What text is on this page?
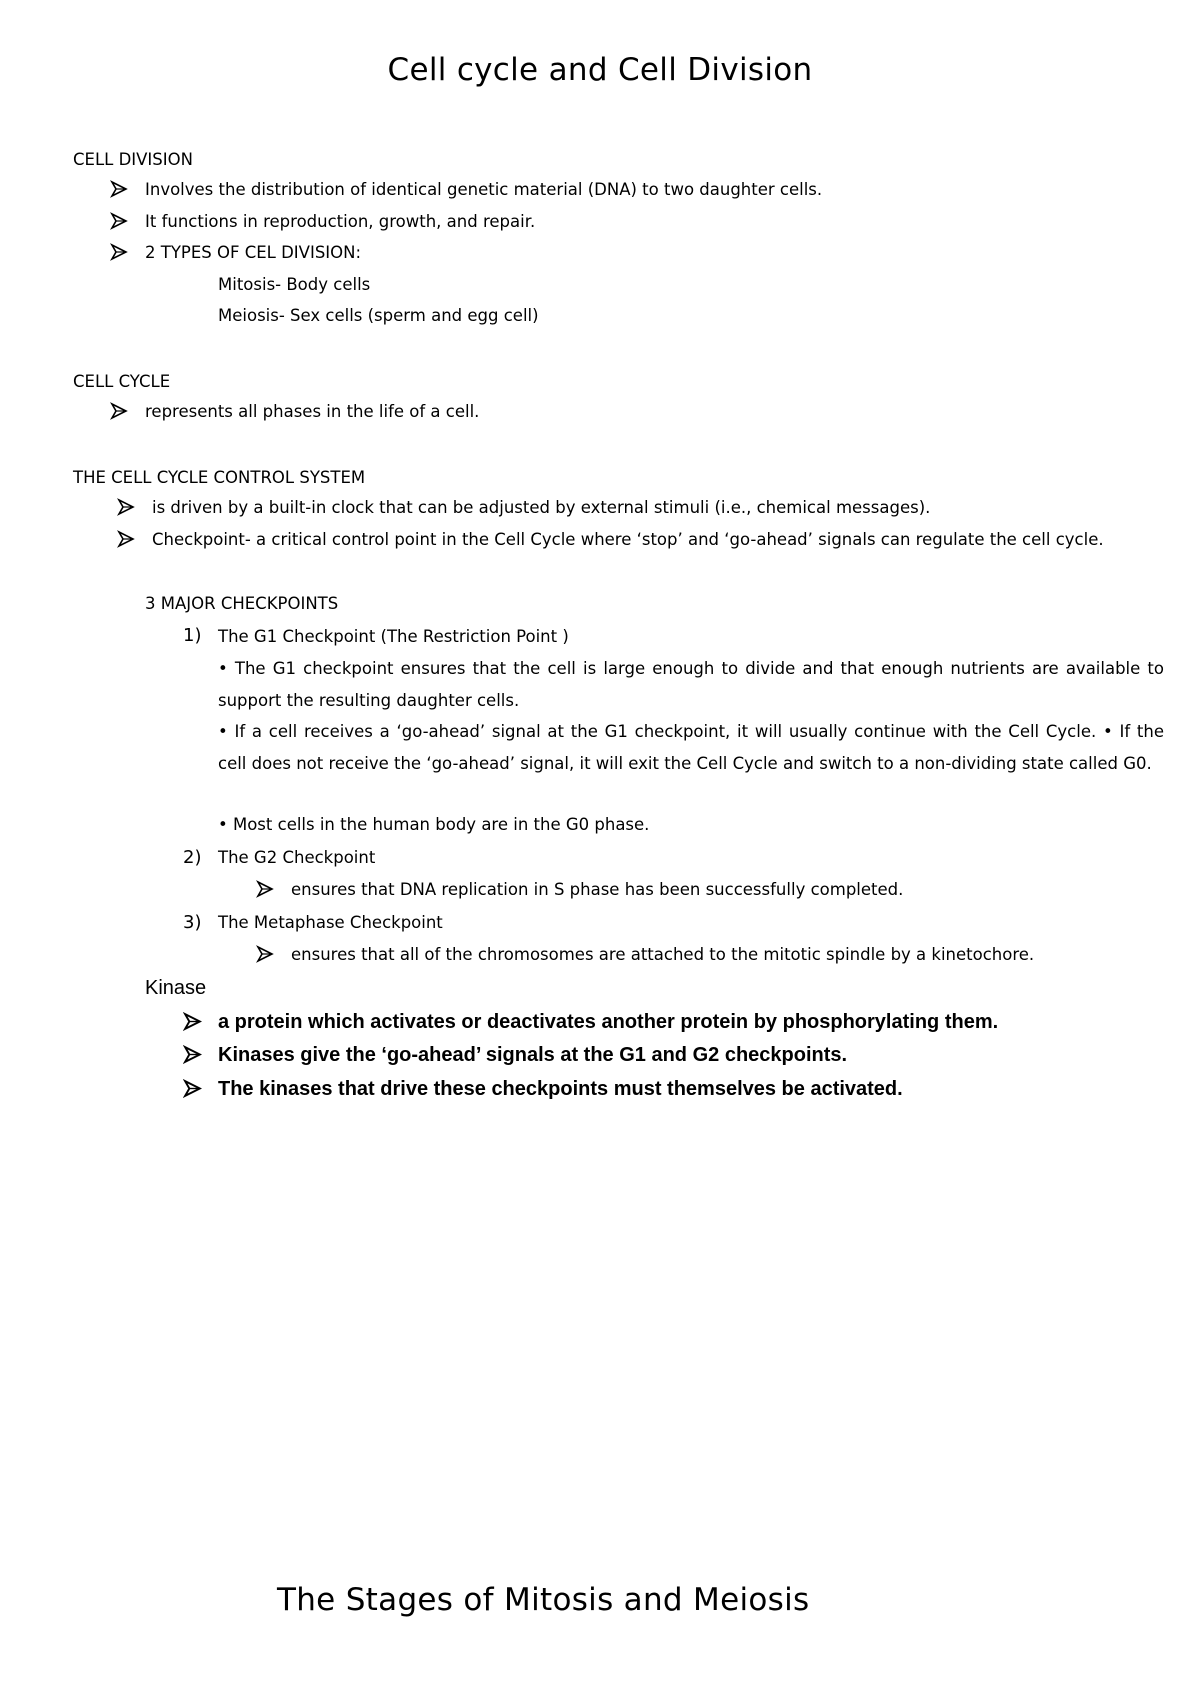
Cell cycle and Cell Division
CELL DIVISION
Involves the distribution of identical genetic material (DNA) to two daughter cells.
It functions in reproduction, growth, and repair.
2 TYPES OF CEL DIVISION:
Mitosis- Body cells
Meiosis- Sex cells (sperm and egg cell)
CELL CYCLE
represents all phases in the life of a cell.
THE CELL CYCLE CONTROL SYSTEM
is driven by a built-in clock that can be adjusted by external stimuli (i.e., chemical messages).
Checkpoint- a critical control point in the Cell Cycle where ‘stop’ and ‘go-ahead’ signals can regulate the cell cycle.
3 MAJOR CHECKPOINTS
1) The G1 Checkpoint (The Restriction Point )
• The G1 checkpoint ensures that the cell is large enough to divide and that enough nutrients are available to support the resulting daughter cells.
• If a cell receives a ‘go-ahead’ signal at the G1 checkpoint, it will usually continue with the Cell Cycle. • If the cell does not receive the ‘go-ahead’ signal, it will exit the Cell Cycle and switch to a non-dividing state called G0.
• Most cells in the human body are in the G0 phase.
2) The G2 Checkpoint
ensures that DNA replication in S phase has been successfully completed.
3) The Metaphase Checkpoint
ensures that all of the chromosomes are attached to the mitotic spindle by a kinetochore.
Kinase
a protein which activates or deactivates another protein by phosphorylating them.
Kinases give the ‘go-ahead’ signals at the G1 and G2 checkpoints.
The kinases that drive these checkpoints must themselves be activated.
The Stages of Mitosis and Meiosis
